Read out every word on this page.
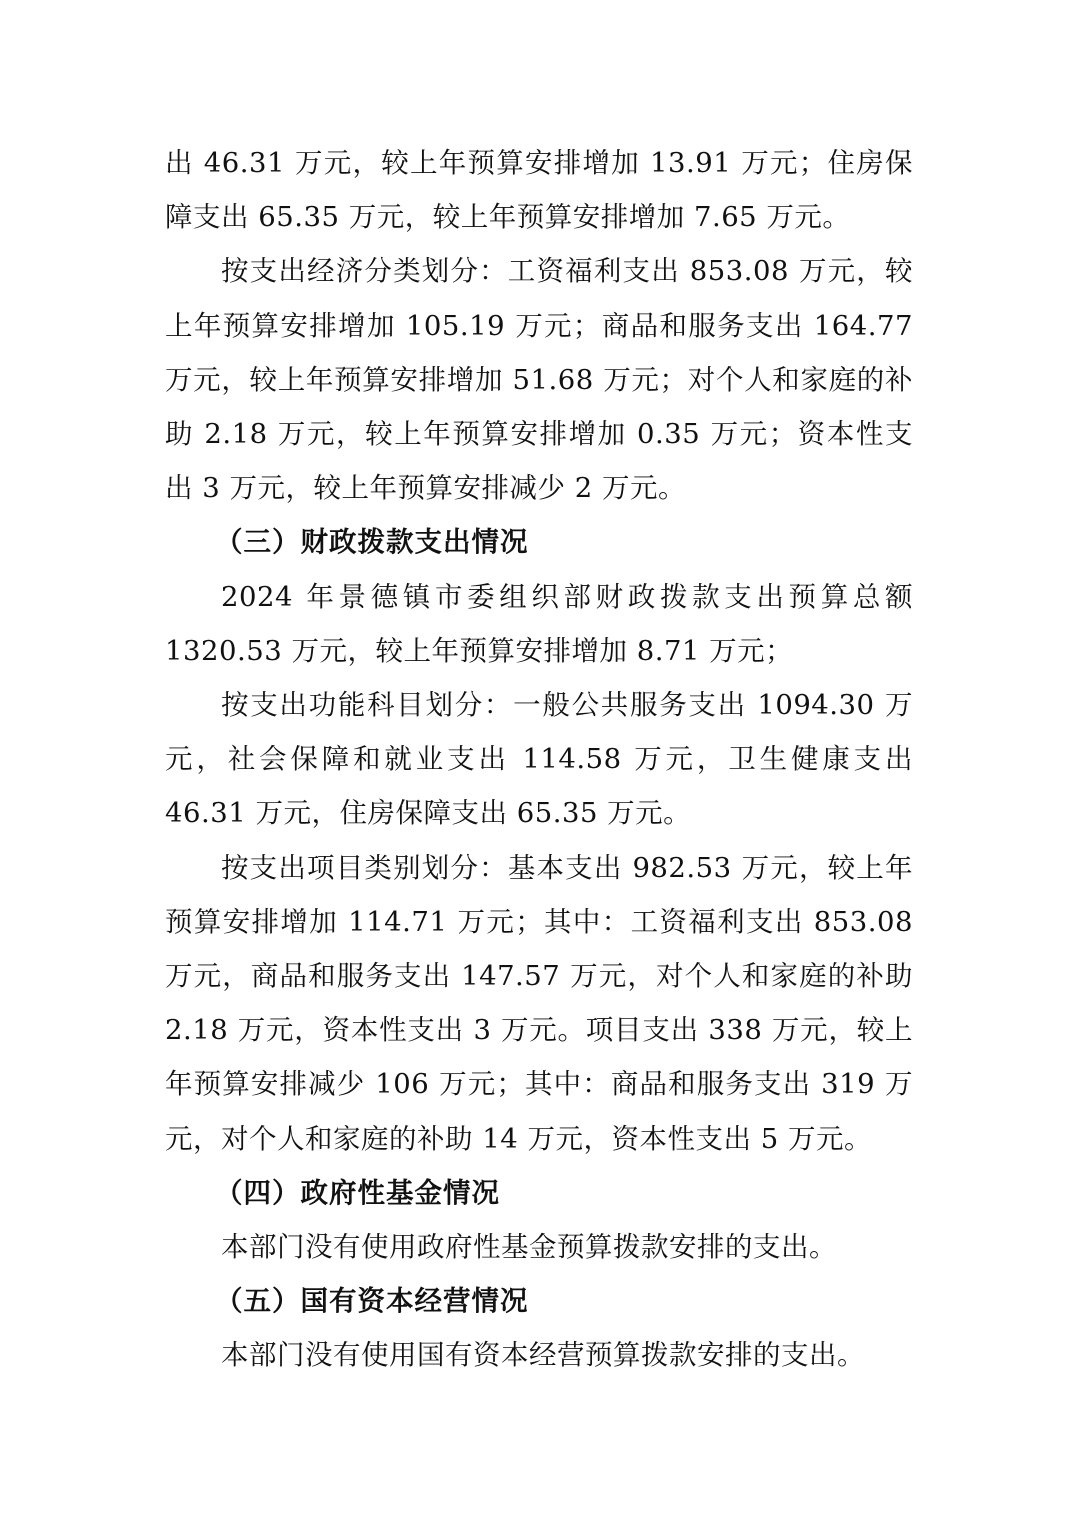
出 46.31 万元，较上年预算安排增加 13.91 万元；住房保障支出 65.35 万元，较上年预算安排增加 7.65 万元。

按支出经济分类划分：工资福利支出 853.08 万元，较上年预算安排增加 105.19 万元；商品和服务支出 164.77 万元，较上年预算安排增加 51.68 万元；对个人和家庭的补助 2.18 万元，较上年预算安排增加 0.35 万元；资本性支出 3 万元，较上年预算安排减少 2 万元。

（三）财政拨款支出情况

2024 年景德镇市委组织部财政拨款支出预算总额 1320.53 万元，较上年预算安排增加 8.71 万元；

按支出功能科目划分：一般公共服务支出 1094.30 万元，社会保障和就业支出 114.58 万元，卫生健康支出 46.31 万元，住房保障支出 65.35 万元。

按支出项目类别划分：基本支出 982.53 万元，较上年预算安排增加 114.71 万元；其中：工资福利支出 853.08 万元，商品和服务支出 147.57 万元，对个人和家庭的补助 2.18 万元，资本性支出 3 万元。项目支出 338 万元，较上年预算安排减少 106 万元；其中：商品和服务支出 319 万元，对个人和家庭的补助 14 万元，资本性支出 5 万元。

（四）政府性基金情况

本部门没有使用政府性基金预算拨款安排的支出。

（五）国有资本经营情况

本部门没有使用国有资本经营预算拨款安排的支出。
